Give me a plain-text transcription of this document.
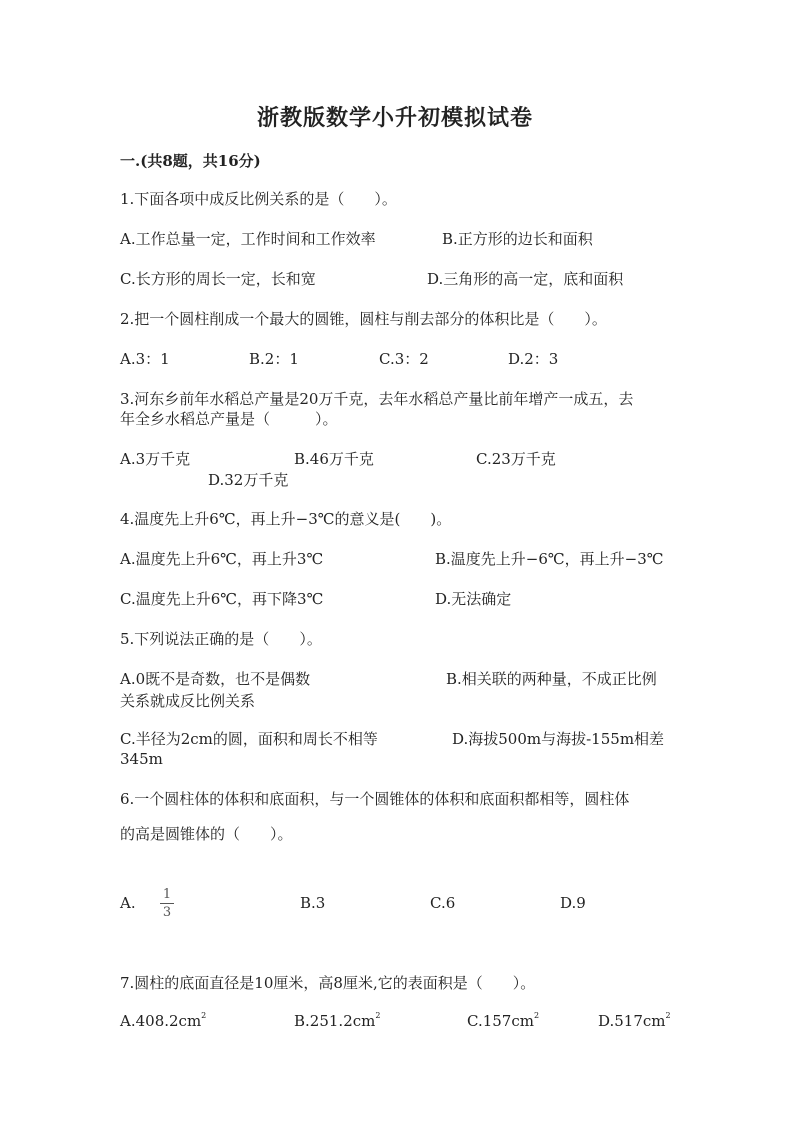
浙教版数学小升初模拟试卷
一.(共8题，共16分)
1.下面各项中成反比例关系的是（　　）。
A.工作总量一定，工作时间和工作效率	B.正方形的边长和面积
C.长方形的周长一定，长和宽	D.三角形的高一定，底和面积
2.把一个圆柱削成一个最大的圆锥，圆柱与削去部分的体积比是（　　）。
A.3：1	B.2：1	C.3：2	D.2：3
3.河东乡前年水稻总产量是20万千克，去年水稻总产量比前年增产一成五，去
年全乡水稻总产量是（　　　）。
A.3万千克	B.46万千克	C.23万千克
D.32万千克
4.温度先上升6℃，再上升−3℃的意义是(　　)。
A.温度先上升6℃，再上升3℃	B.温度先上升−6℃，再上升−3℃
C.温度先上升6℃，再下降3℃	D.无法确定
5.下列说法正确的是（　　）。
A.0既不是奇数，也不是偶数	B.相关联的两种量，不成正比例
关系就成反比例关系
C.半径为2cm的圆，面积和周长不相等	D.海拔500m与海拔-155m相差
345m
6.一个圆柱体的体积和底面积，与一个圆锥体的体积和底面积都相等，圆柱体
的高是圆锥体的（　　）。
A. 1
3
B.3	C.6	D.9
7.圆柱的底面直径是10厘米，高8厘米,它的表面积是（　　）。
$A.408.2cm^2$	$B.251.2cm^2$	$C.157cm^2$	$D.517cm^2$
